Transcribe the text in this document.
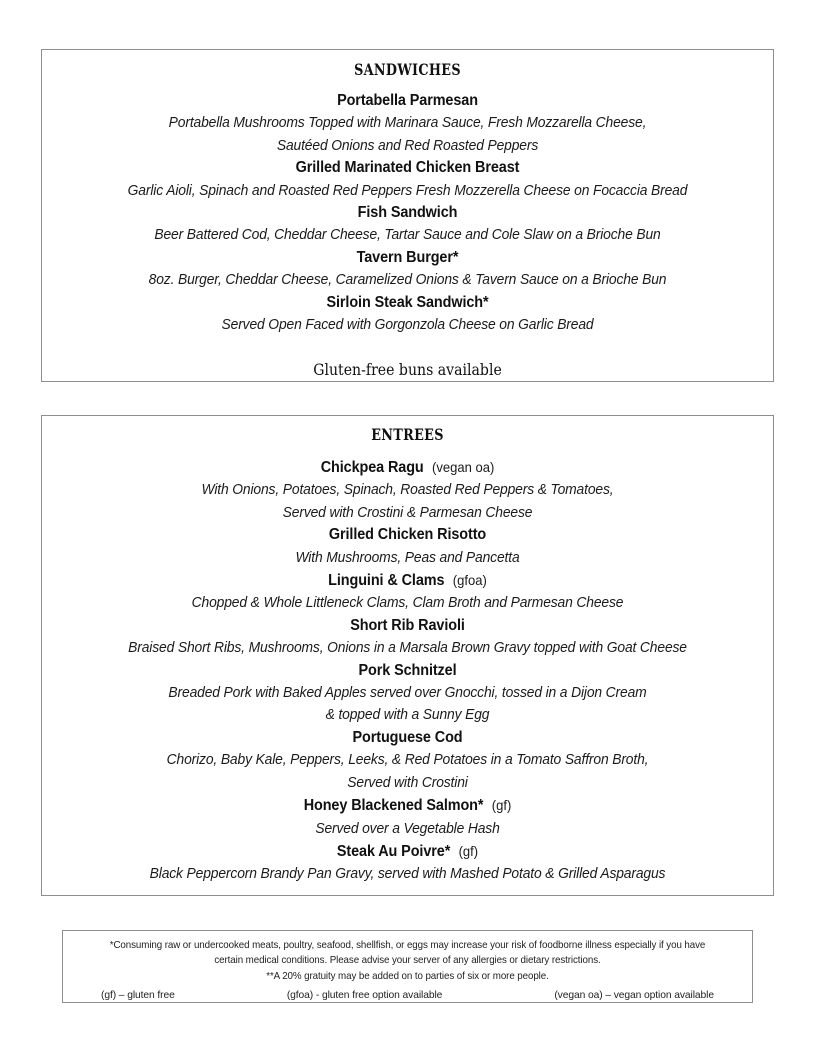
SANDWICHES
Portabella Parmesan
Portabella Mushrooms Topped with Marinara Sauce, Fresh Mozzarella Cheese,
Sautéed Onions and Red Roasted Peppers
Grilled Marinated Chicken Breast
Garlic Aioli, Spinach and Roasted Red Peppers Fresh Mozzerella Cheese on Focaccia Bread
Fish Sandwich
Beer Battered Cod, Cheddar Cheese, Tartar Sauce and Cole Slaw on a Brioche Bun
Tavern Burger*
8oz. Burger, Cheddar Cheese, Caramelized Onions & Tavern Sauce on a Brioche Bun
Sirloin Steak Sandwich*
Served Open Faced with Gorgonzola Cheese on Garlic Bread
Gluten-free buns available
ENTREES
Chickpea Ragu (vegan oa)
With Onions, Potatoes, Spinach, Roasted Red Peppers & Tomatoes,
Served with Crostini & Parmesan Cheese
Grilled Chicken Risotto
With Mushrooms, Peas and Pancetta
Linguini & Clams (gfoa)
Chopped & Whole Littleneck Clams, Clam Broth and Parmesan Cheese
Short Rib Ravioli
Braised Short Ribs, Mushrooms, Onions in a Marsala Brown Gravy topped with Goat Cheese
Pork Schnitzel
Breaded Pork with Baked Apples served over Gnocchi, tossed in a Dijon Cream
& topped with a Sunny Egg
Portuguese Cod
Chorizo, Baby Kale, Peppers, Leeks, & Red Potatoes in a Tomato Saffron Broth,
Served with Crostini
Honey Blackened Salmon* (gf)
Served over a Vegetable Hash
Steak Au Poivre* (gf)
Black Peppercorn Brandy Pan Gravy, served with Mashed Potato & Grilled Asparagus
*Consuming raw or undercooked meats, poultry, seafood, shellfish, or eggs may increase your risk of foodborne illness especially if you have
certain medical conditions. Please advise your server of any allergies or dietary restrictions.
**A 20% gratuity may be added on to parties of six or more people.
(gf) – gluten free	(gfoa) - gluten free option available	(vegan oa) – vegan option available
